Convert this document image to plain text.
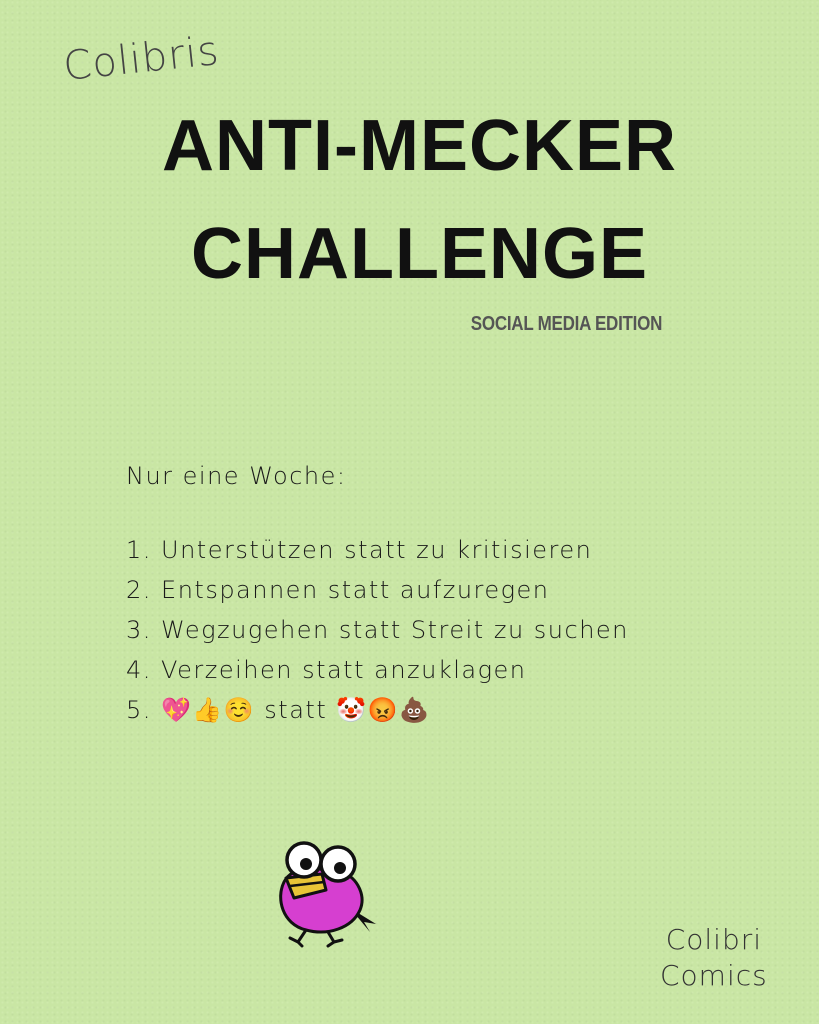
Colibris
ANTI-MECKER
CHALLENGE
SOCIAL MEDIA EDITION
Nur eine Woche:
1. Unterstützen statt zu kritisieren
2. Entspannen statt aufzuregen
3. Wegzugehen statt Streit zu suchen
4. Verzeihen statt anzuklagen
5. 💖👍☺️ statt 🤡😡💩
Colibri
Comics
